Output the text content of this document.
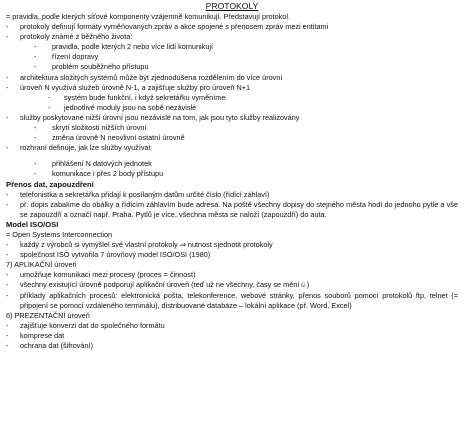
PROTOKOLY
= pravidla, podle kterých síťové komponenty vzájemně komunikují. Představují protokol.
-	protokoly definují formáty vyměňovaných zpráv a akce spojené s přenosem zpráv mezi entitami
-	protokoly známé z běžného života:
-	pravidla, podle kterých 2 nebo více lidí komunikují
-	řízení dopravy
-	problém souběžného přístupu
-	architektura složitých systémů může být zjednodušena rozdělením do více úrovní
-	úroveň N využívá služeb úrovně N-1, a zajišťuje služby pro úroveň N+1
-	systém bude funkční, i když sekretářku vyměníme
-	jednotlivé moduly jsou na sobě nezávislé
-	služby poskytované nižší úrovní jsou nezávislé na tom, jak jsou tyto služby realizovány
-	skrytí složitosti nižších úrovní
-	změna úrovně N neovlivní ostatní úrovně
-	rozhraní definuje, jak lze služby využívat
-	přihlášení N datových jednotek
-	komunikace i přes 2 body přístupu
Přenos dat, zapouzdření
-	telefonistka a sekretářka přidají k posílaným datům určité číslo (řídící záhlaví)
-	př. dopis zabalíme do obálky a řídícím záhlavím bude adresa. Na poště všechny dopisy do stejného města hodí do jednoho pytle a vše se zapouzdří a označí např. Praha. Pytlů je více, všechna města se naloží (zapouzdří) do auta.
Model ISO/OSI
= Open Systems Interconnection
-	každý z výrobců si vymýšlel své vlastní protokoly ⇒ nutnost sjednotit protokoly
-	společnost ISO vytvořila 7 úrovňový model ISO/OSI (1980)
7) APLIKAČNÍ úroveň
-	umožňuje komunikaci mezi procesy (proces = činnost)
-	všechny existující úrovně podporují aplikační úroveň (teď už ne všechny, časy se mění☺)
-	příklady aplikačních procesů: elektronická pošta, telekonference, webové stránky, přenos souborů pomocí protokolů ftp, telnet (= připojení se pomocí vzdáleného terminálu), distribuované databáze – lokální aplikace (př. Word, Excel)
6) PREZENTAČNÍ úroveň
-	zajišťuje konverzi dat do společného formátu
-	komprese dat
-	ochrana dat (šifrování)
